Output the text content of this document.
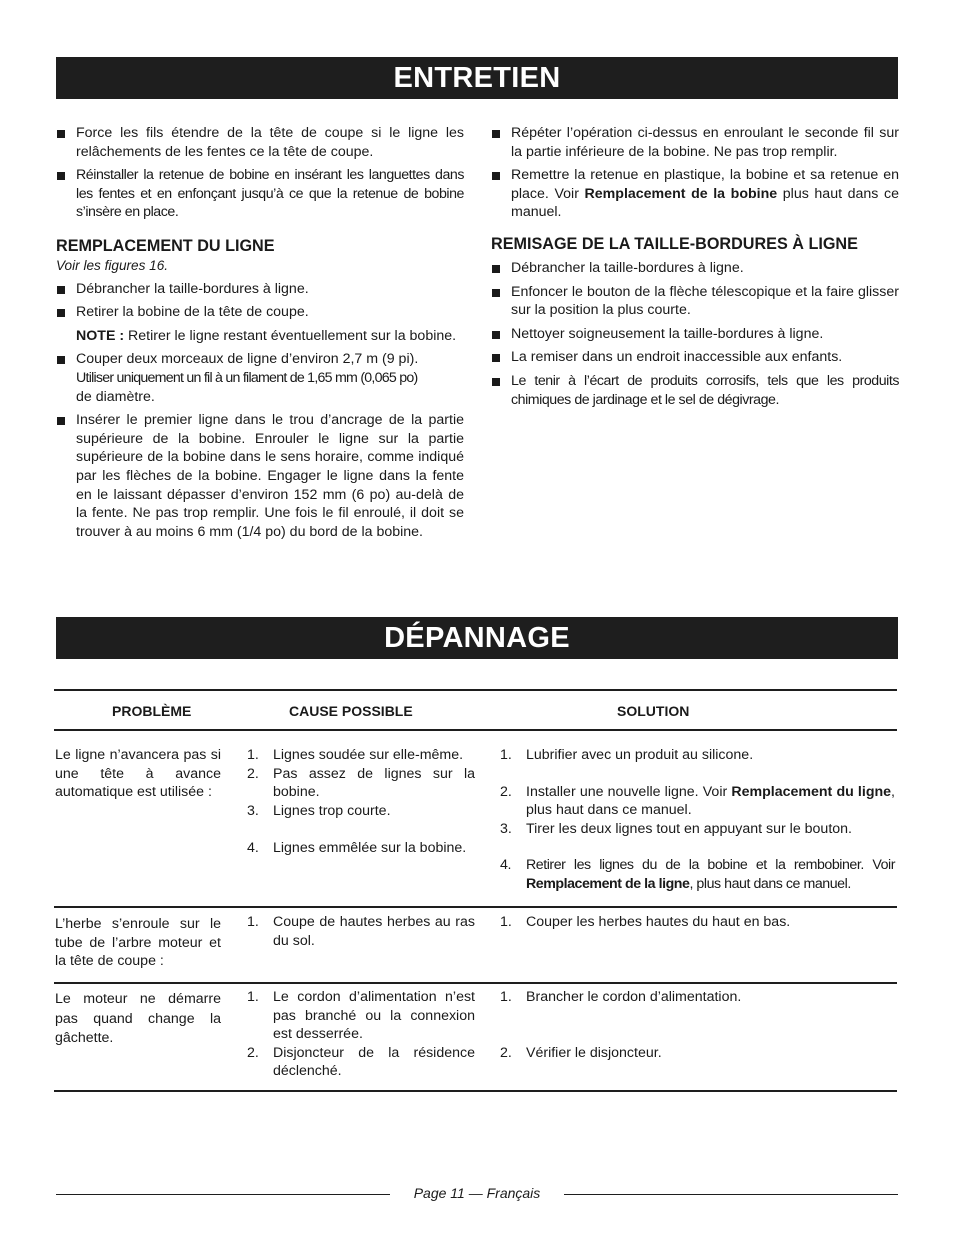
ENTRETIEN

Force les fils étendre de la tête de coupe si le ligne les relâchements de les fentes ce la tête de coupe.

Réinstaller la retenue de bobine en insérant les languettes dans les fentes et en enfonçant jusqu’à ce que la retenue de bobine s’insère en place.

REMPLACEMENT DU LIGNE
Voir les figures 16.

Débrancher la taille-bordures à ligne.

Retirer la bobine de la tête de coupe.

NOTE : Retirer le ligne restant éventuellement sur la bobine.

Couper deux morceaux de ligne d’environ 2,7 m (9 pi).
Utiliser uniquement un fil à un filament de 1,65 mm (0,065 po)
de diamètre.

Insérer le premier ligne dans le trou d’ancrage de la partie supérieure de la bobine. Enrouler le ligne sur la partie supérieure de la bobine dans le sens horaire, comme indiqué par les flèches de la bobine. Engager le ligne dans la fente en le laissant dépasser d’environ 152 mm (6 po) au-delà de la fente. Ne pas trop remplir. Une fois le fil enroulé, il doit se trouver à au moins 6 mm (1/4 po) du bord de la bobine.

Répéter l’opération ci-dessus en enroulant le seconde fil sur la partie inférieure de la bobine. Ne pas trop remplir.

Remettre la retenue en plastique, la bobine et sa retenue en place. Voir Remplacement de la bobine plus haut dans ce manuel.

REMISAGE DE LA TAILLE-BORDURES À LIGNE

Débrancher la taille-bordures à ligne.

Enfoncer le bouton de la flèche télescopique et la faire glisser sur la position la plus courte.

Nettoyer soigneusement la taille-bordures à ligne.

La remiser dans un endroit inaccessible aux enfants.

Le tenir à l’écart de produits corrosifs, tels que les produits chimiques de jardinage et le sel de dégivrage.

DÉPANNAGE
PROBLÈME	CAUSE POSSIBLE	SOLUTION
Le ligne n’avancera pas si une tête à avance automatique est utilisée :
1. Lignes soudée sur elle-même.
2. Pas assez de lignes sur la bobine.
3. Lignes trop courte.
4. Lignes emmêlée sur la bobine.
1. Lubrifier avec un produit au silicone.
2. Installer une nouvelle ligne. Voir Remplacement du ligne, plus haut dans ce manuel.
3. Tirer les deux lignes tout en appuyant sur le bouton.
4. Retirer les lignes du de la bobine et la rembobiner. Voir Remplacement de la ligne, plus haut dans ce manuel.
L’herbe s’enroule sur le tube de l’arbre moteur et la tête de coupe :
1. Coupe de hautes herbes au ras du sol.
1. Couper les herbes hautes du haut en bas.
Le moteur ne démarre pas quand change la gâchette.
1. Le cordon d’alimentation n’est pas branché ou la connexion est desserrée.
2. Disjoncteur de la résidence déclenché.
1. Brancher le cordon d’alimentation.
2. Vérifier le disjoncteur.
Page 11 — Français
